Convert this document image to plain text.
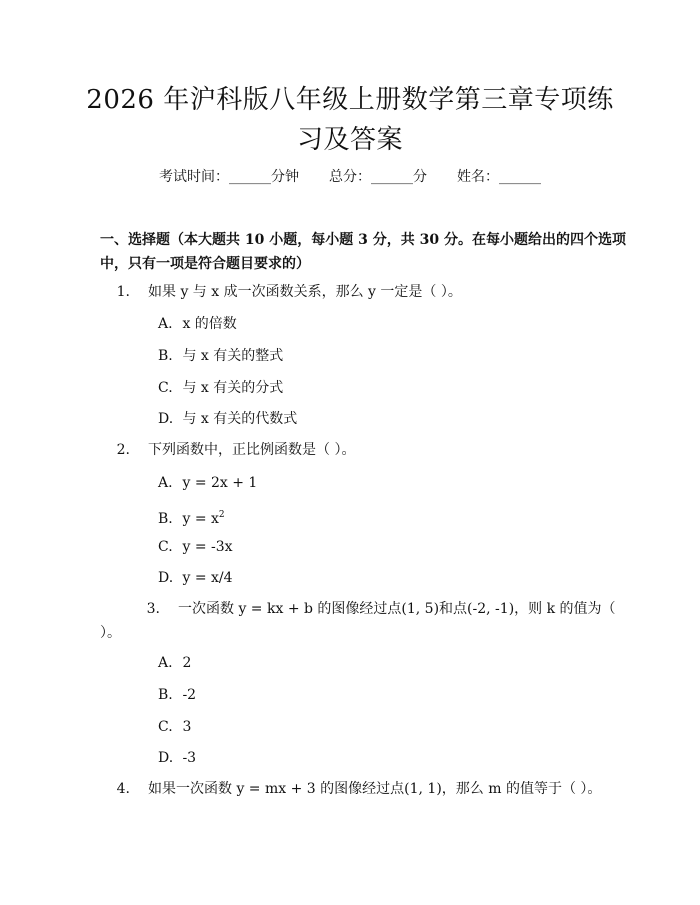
2026 年沪科版八年级上册数学第三章专项练
习及答案
考试时间：______分钟 总分：______分 姓名：______
一、选择题（本大题共 10 小题，每小题 3 分，共 30 分。在每小题给出的四个选项中，只有一项是符合题目要求的）
1. 如果 y 与 x 成一次函数关系，那么 y 一定是（ ）。
A. x 的倍数
B. 与 x 有关的整式
C. 与 x 有关的分式
D. 与 x 有关的代数式
2. 下列函数中，正比例函数是（ ）。
A. y = 2x + 1
B. $y = x^2$
C. y = -3x
D. y = x/4
3. 一次函数 y = kx + b 的图像经过点(1, 5)和点(-2, -1)，则 k 的值为（ ）。
A. 2
B. -2
C. 3
D. -3
4. 如果一次函数 y = mx + 3 的图像经过点(1, 1)，那么 m 的值等于（ ）。
